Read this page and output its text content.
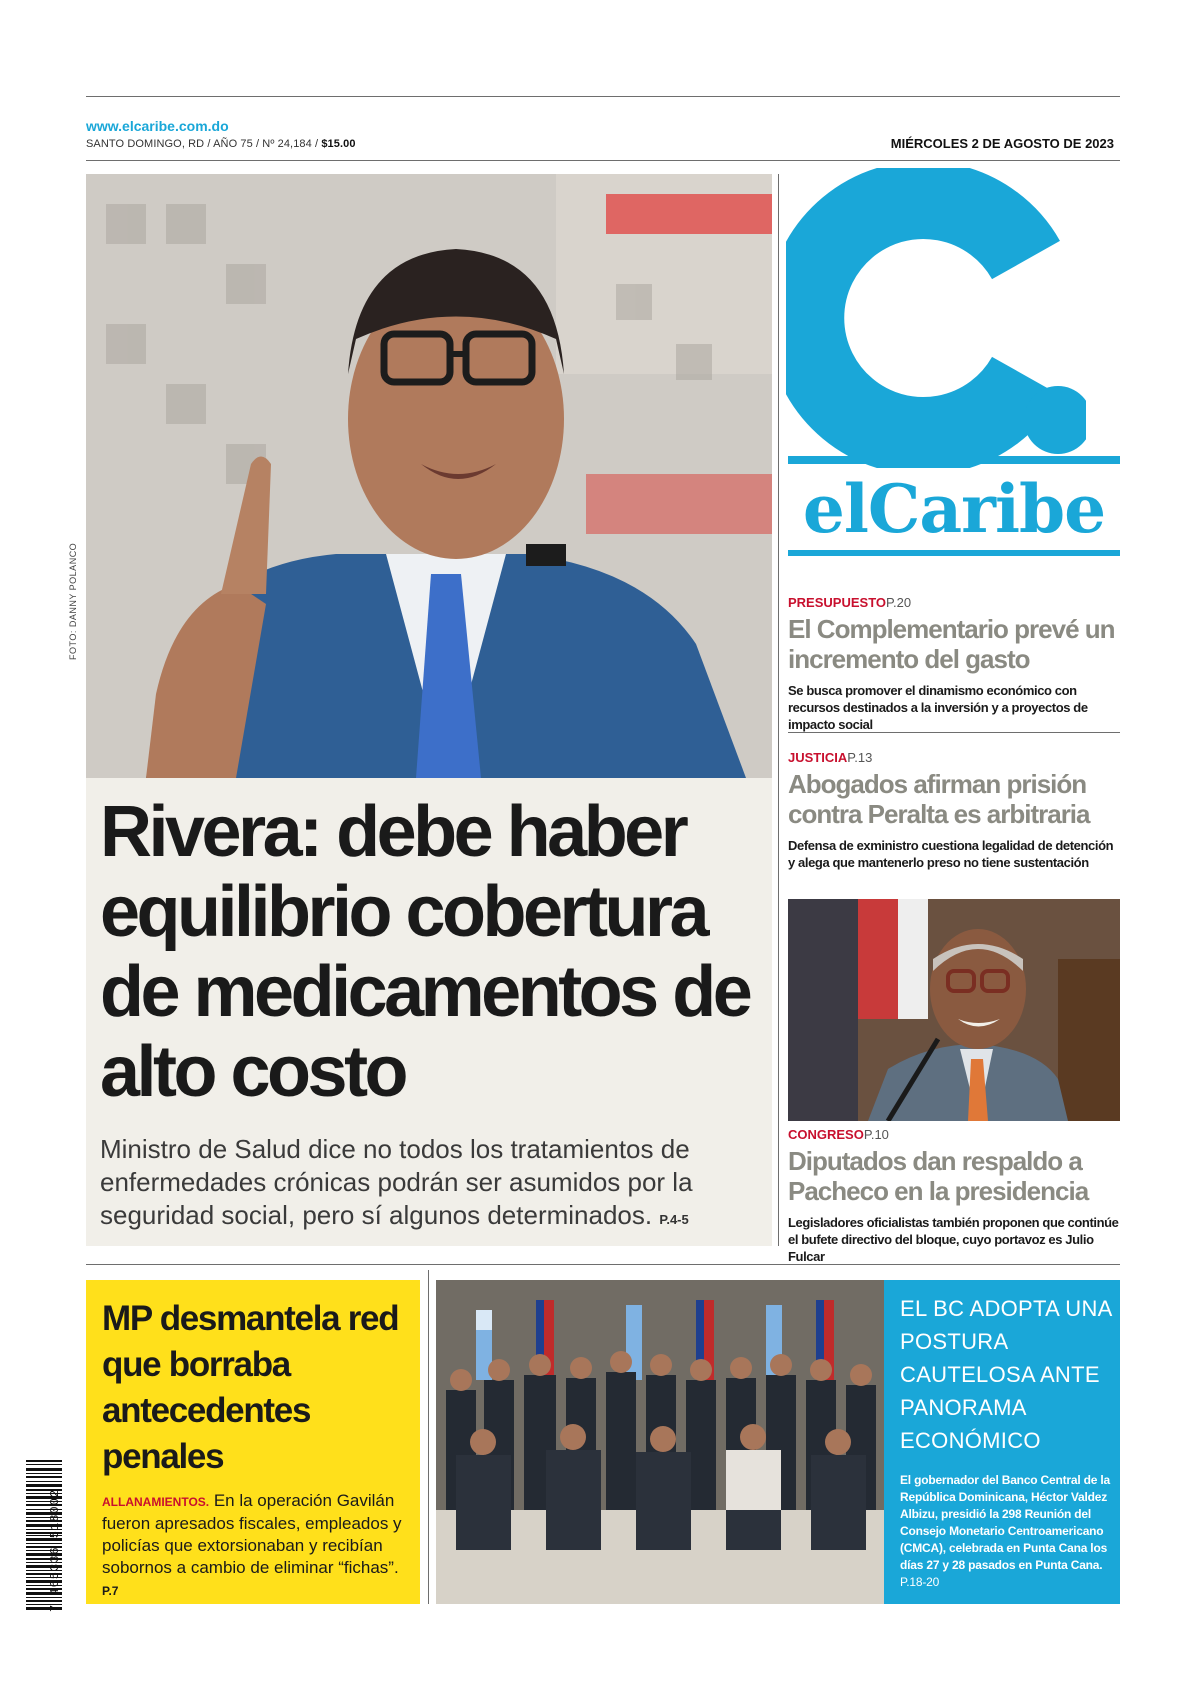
www.elcaribe.com.do
SANTO DOMINGO, RD / AÑO 75 / Nº 24,184 / $15.00	MIÉRCOLES 2 DE AGOSTO DE 2023
FOTO: DANNY POLANCO
Rivera: debe haber equilibrio cobertura de medicamentos de alto costo
Ministro de Salud dice no todos los tratamientos de enfermedades crónicas podrán ser asumidos por la seguridad social, pero sí algunos determinados. P.4-5
elCaribe
PRESUPUESTOP.20
El Complementario prevé un incremento del gasto
Se busca promover el dinamismo económico con recursos destinados a la inversión y a proyectos de impacto social
JUSTICIAP.13
Abogados afirman prisión contra Peralta es arbitraria
Defensa de exministro cuestiona legalidad de detención y alega que mantenerlo preso no tiene sustentación
CONGRESOP.10
Diputados dan respaldo a Pacheco en la presidencia
Legisladores oficialistas también proponen que continúe el bufete directivo del bloque, cuyo portavoz es Julio Fulcar
MP desmantela red que borraba antecedentes penales
ALLANAMIENTOS. En la operación Gavilán fueron apresados fiscales, empleados y policías que extorsionaban y recibían sobornos a cambio de eliminar “fichas”. P.7
7 465336 518002
EL BC ADOPTA UNA POSTURA CAUTELOSA ANTE PANORAMA ECONÓMICO
El gobernador del Banco Central de la República Dominicana, Héctor Valdez Albizu, presidió la 298 Reunión del Consejo Monetario Centroamericano (CMCA), celebrada en Punta Cana los días 27 y 28 pasados en Punta Cana. P.18-20
